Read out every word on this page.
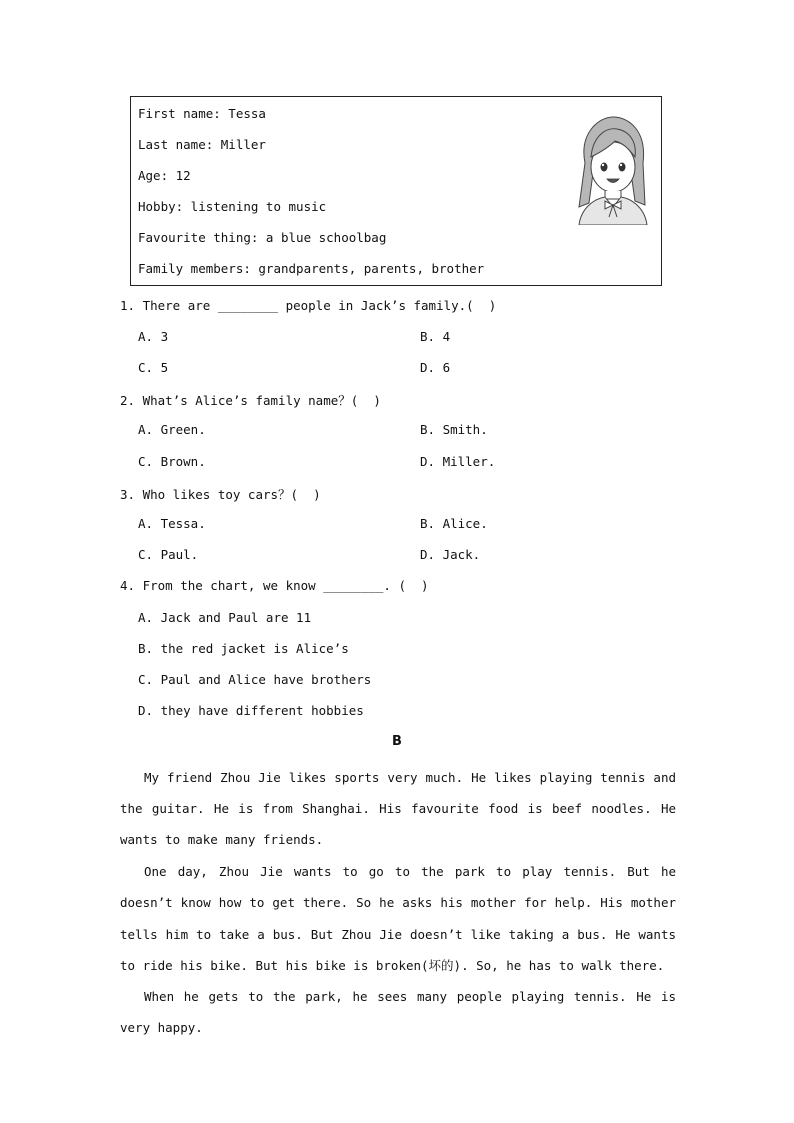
First name: Tessa
Last name: Miller
Age: 12
Hobby: listening to music
Favourite thing: a blue schoolbag
Family members: grandparents, parents, brother
1. There are ________ people in Jack’s family.(  )
A. 3	B. 4
C. 5	D. 6
2. What’s Alice’s family name？(  )
A. Green.	B. Smith.
C. Brown.	D. Miller.
3. Who likes toy cars？(  )
A. Tessa.	B. Alice.
C. Paul.	D. Jack.
4. From the chart, we know ________. (  )
A. Jack and Paul are 11
B. the red jacket is Alice’s
C. Paul and Alice have brothers
D. they have different hobbies
B
My friend Zhou Jie likes sports very much. He likes playing tennis and the guitar. He is from Shanghai. His favourite food is beef noodles. He wants to make many friends.
One day, Zhou Jie wants to go to the park to play tennis. But he doesn’t know how to get there. So he asks his mother for help. His mother tells him to take a bus. But Zhou Jie doesn’t like taking a bus. He wants to ride his bike. But his bike is broken(坏的). So, he has to walk there.
When he gets to the park, he sees many people playing tennis. He is very happy.
